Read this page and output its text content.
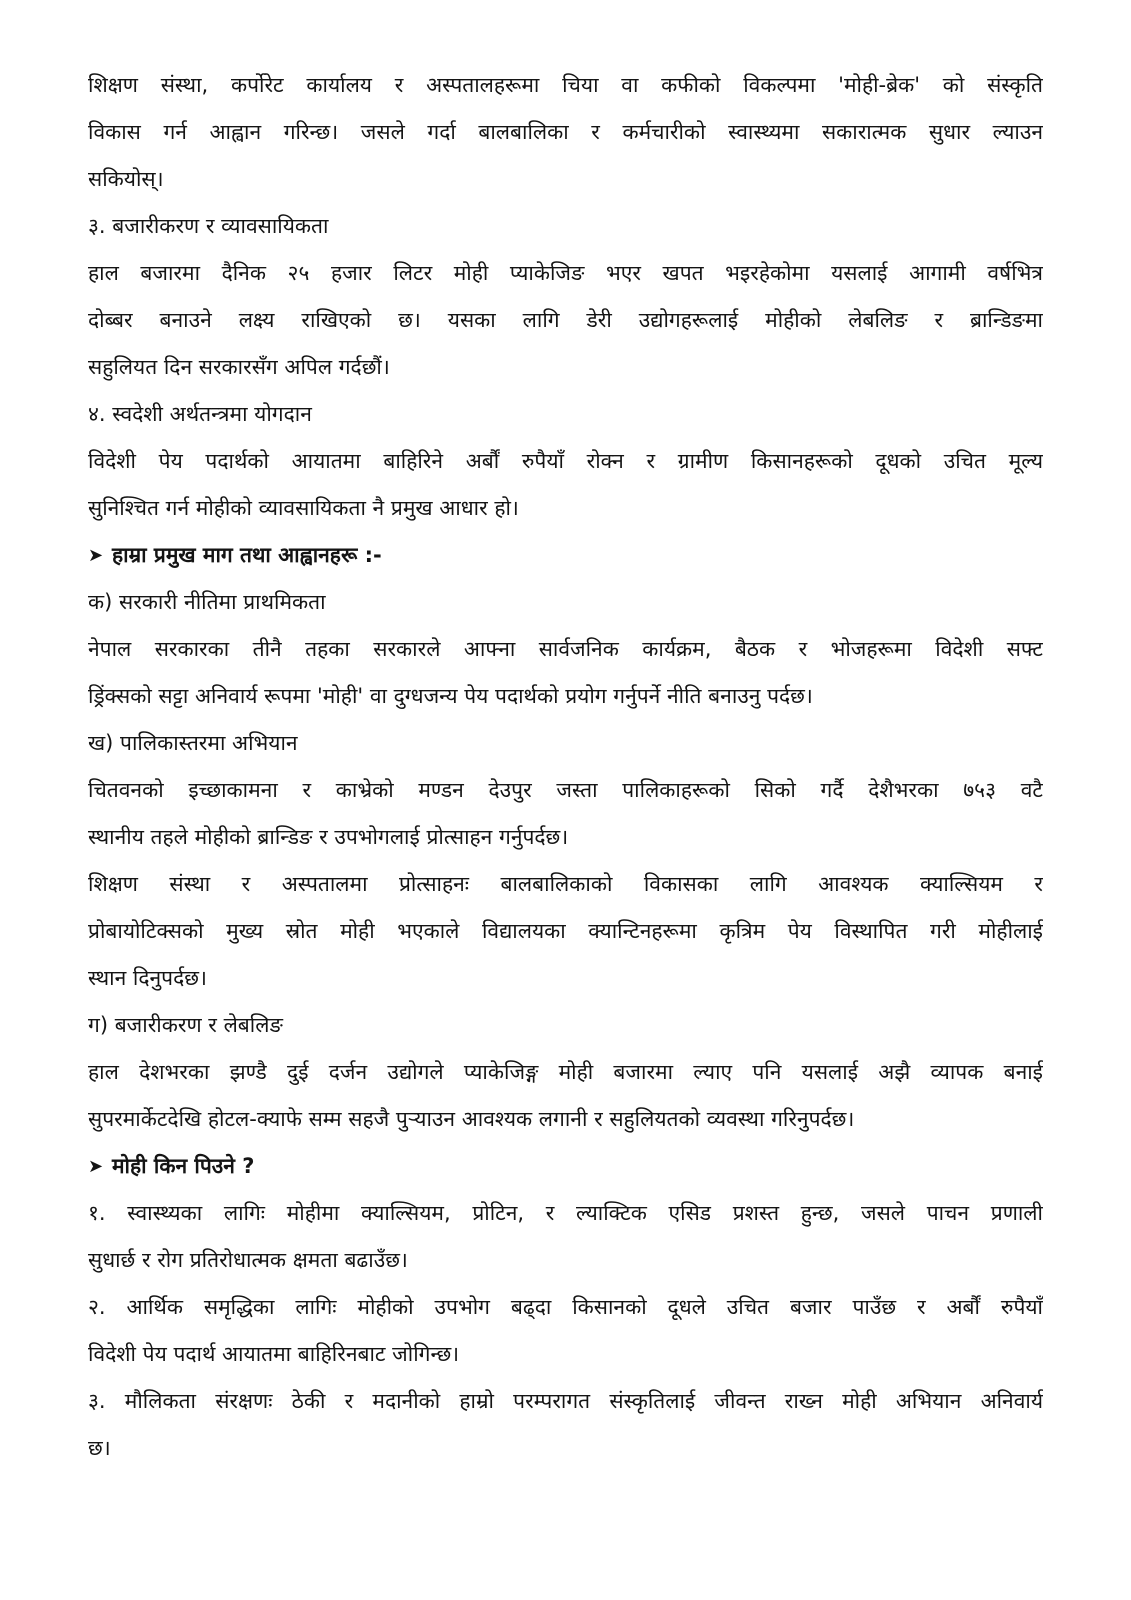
शिक्षण संस्था, कर्पोरेट कार्यालय र अस्पतालहरूमा चिया वा कफीको विकल्पमा 'मोही-ब्रेक' को संस्कृति
विकास गर्न आह्वान गरिन्छ। जसले गर्दा बालबालिका र कर्मचारीको स्वास्थ्यमा सकारात्मक सुधार ल्याउन
सकियोस्।
३. बजारीकरण र व्यावसायिकता
हाल बजारमा दैनिक २५ हजार लिटर मोही प्याकेजिङ भएर खपत भइरहेकोमा यसलाई आगामी वर्षभित्र
दोब्बर बनाउने लक्ष्य राखिएको छ। यसका लागि डेरी उद्योगहरूलाई मोहीको लेबलिङ र ब्रान्डिङमा
सहुलियत दिन सरकारसँग अपिल गर्दछौं।
४. स्वदेशी अर्थतन्त्रमा योगदान
विदेशी पेय पदार्थको आयातमा बाहिरिने अर्बौं रुपैयाँ रोक्न र ग्रामीण किसानहरूको दूधको उचित मूल्य
सुनिश्चित गर्न मोहीको व्यावसायिकता नै प्रमुख आधार हो।
➤ हाम्रा प्रमुख माग तथा आह्वानहरू :-
क) सरकारी नीतिमा प्राथमिकता
नेपाल सरकारका तीनै तहका सरकारले आफ्ना सार्वजनिक कार्यक्रम, बैठक र भोजहरूमा विदेशी सफ्ट
ड्रिंक्सको सट्टा अनिवार्य रूपमा 'मोही' वा दुग्धजन्य पेय पदार्थको प्रयोग गर्नुपर्ने नीति बनाउनु पर्दछ।
ख) पालिकास्तरमा अभियान
चितवनको इच्छाकामना र काभ्रेको मण्डन देउपुर जस्ता पालिकाहरूको सिको गर्दै देशैभरका ७५३ वटै
स्थानीय तहले मोहीको ब्रान्डिङ र उपभोगलाई प्रोत्साहन गर्नुपर्दछ।
शिक्षण संस्था र अस्पतालमा प्रोत्साहनः बालबालिकाको विकासका लागि आवश्यक क्याल्सियम र
प्रोबायोटिक्सको मुख्य स्रोत मोही भएकाले विद्यालयका क्यान्टिनहरूमा कृत्रिम पेय विस्थापित गरी मोहीलाई
स्थान दिनुपर्दछ।
ग) बजारीकरण र लेबलिङ
हाल देशभरका झण्डै दुई दर्जन उद्योगले प्याकेजिङ्ग मोही बजारमा ल्याए पनि यसलाई अझै व्यापक बनाई
सुपरमार्केटदेखि होटल-क्याफे सम्म सहजै पुऱ्याउन आवश्यक लगानी र सहुलियतको व्यवस्था गरिनुपर्दछ।
➤ मोही किन पिउने ?
१. स्वास्थ्यका लागिः मोहीमा क्याल्सियम, प्रोटिन, र ल्याक्टिक एसिड प्रशस्त हुन्छ, जसले पाचन प्रणाली
सुधार्छ र रोग प्रतिरोधात्मक क्षमता बढाउँछ।
२. आर्थिक समृद्धिका लागिः मोहीको उपभोग बढ्दा किसानको दूधले उचित बजार पाउँछ र अर्बौं रुपैयाँ
विदेशी पेय पदार्थ आयातमा बाहिरिनबाट जोगिन्छ।
३. मौलिकता संरक्षणः ठेकी र मदानीको हाम्रो परम्परागत संस्कृतिलाई जीवन्त राख्न मोही अभियान अनिवार्य
छ।
